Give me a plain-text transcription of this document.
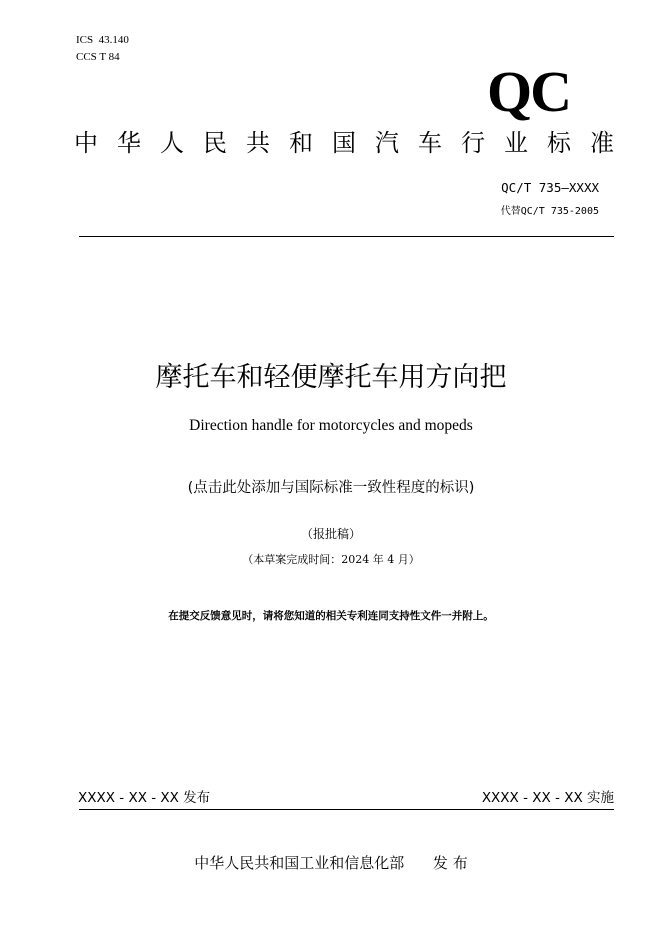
ICS  43.140
CCS T 84
QC
中 华 人 民 共 和 国 汽 车 行 业 标 准
QC/T 735—XXXX
代替QC/T 735-2005
摩托车和轻便摩托车用方向把
Direction handle for motorcycles and mopeds
(点击此处添加与国际标准一致性程度的标识)
（报批稿）
（本草案完成时间：2024 年 4 月）
在提交反馈意见时，请将您知道的相关专利连同支持性文件一并附上。
XXXX - XX - XX 发布	XXXX - XX - XX 实施
中华人民共和国工业和信息化部 发 布
